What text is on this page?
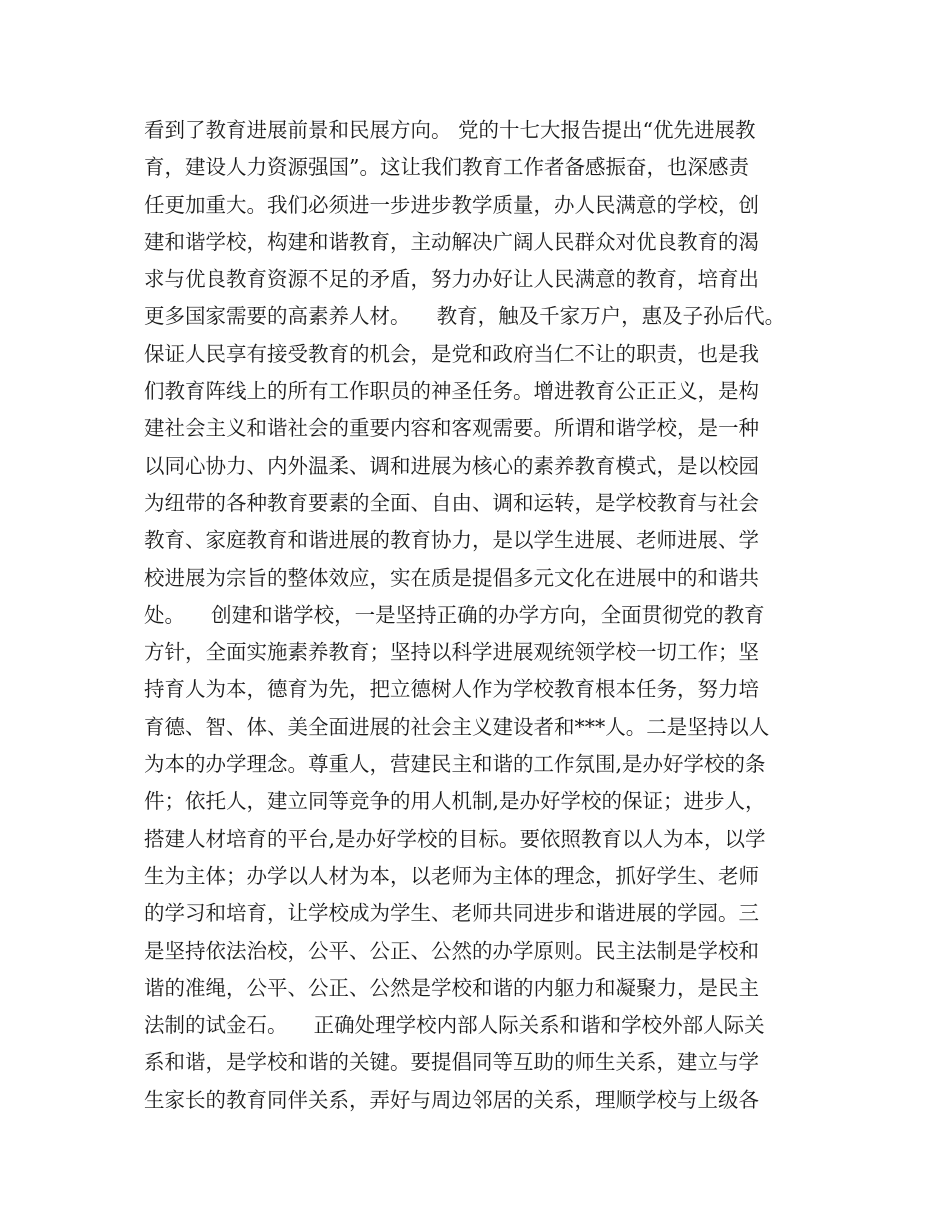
看到了教育进展前景和民展方向。 党的十七大报告提出“优先进展教
育，建设人力资源强国”。这让我们教育工作者备感振奋，也深感责
任更加重大。我们必须进一步进步教学质量，办人民满意的学校，创
建和谐学校，构建和谐教育，主动解决广阔人民群众对优良教育的渴
求与优良教育资源不足的矛盾，努力办好让人民满意的教育，培育出
更多国家需要的高素养人材。    教育，触及千家万户，惠及子孙后代。
保证人民享有接受教育的机会，是党和政府当仁不让的职责，也是我
们教育阵线上的所有工作职员的神圣任务。增进教育公正正义，是构
建社会主义和谐社会的重要内容和客观需要。所谓和谐学校，是一种
以同心协力、内外温柔、调和进展为核心的素养教育模式，是以校园
为纽带的各种教育要素的全面、自由、调和运转，是学校教育与社会
教育、家庭教育和谐进展的教育协力，是以学生进展、老师进展、学
校进展为宗旨的整体效应，实在质是提倡多元文化在进展中的和谐共
处。    创建和谐学校，一是坚持正确的办学方向，全面贯彻党的教育
方针，全面实施素养教育；坚持以科学进展观统领学校一切工作；坚
持育人为本，德育为先，把立德树人作为学校教育根本任务，努力培
育德、智、体、美全面进展的社会主义建设者和***人。二是坚持以人
为本的办学理念。尊重人，营建民主和谐的工作氛围,是办好学校的条
件；依托人，建立同等竞争的用人机制,是办好学校的保证；进步人，
搭建人材培育的平台,是办好学校的目标。要依照教育以人为本，以学
生为主体；办学以人材为本，以老师为主体的理念，抓好学生、老师
的学习和培育，让学校成为学生、老师共同进步和谐进展的学园。三
是坚持依法治校，公平、公正、公然的办学原则。民主法制是学校和
谐的准绳，公平、公正、公然是学校和谐的内躯力和凝聚力，是民主
法制的试金石。    正确处理学校内部人际关系和谐和学校外部人际关
系和谐，是学校和谐的关键。要提倡同等互助的师生关系，建立与学
生家长的教育同伴关系，弄好与周边邻居的关系，理顺学校与上级各
